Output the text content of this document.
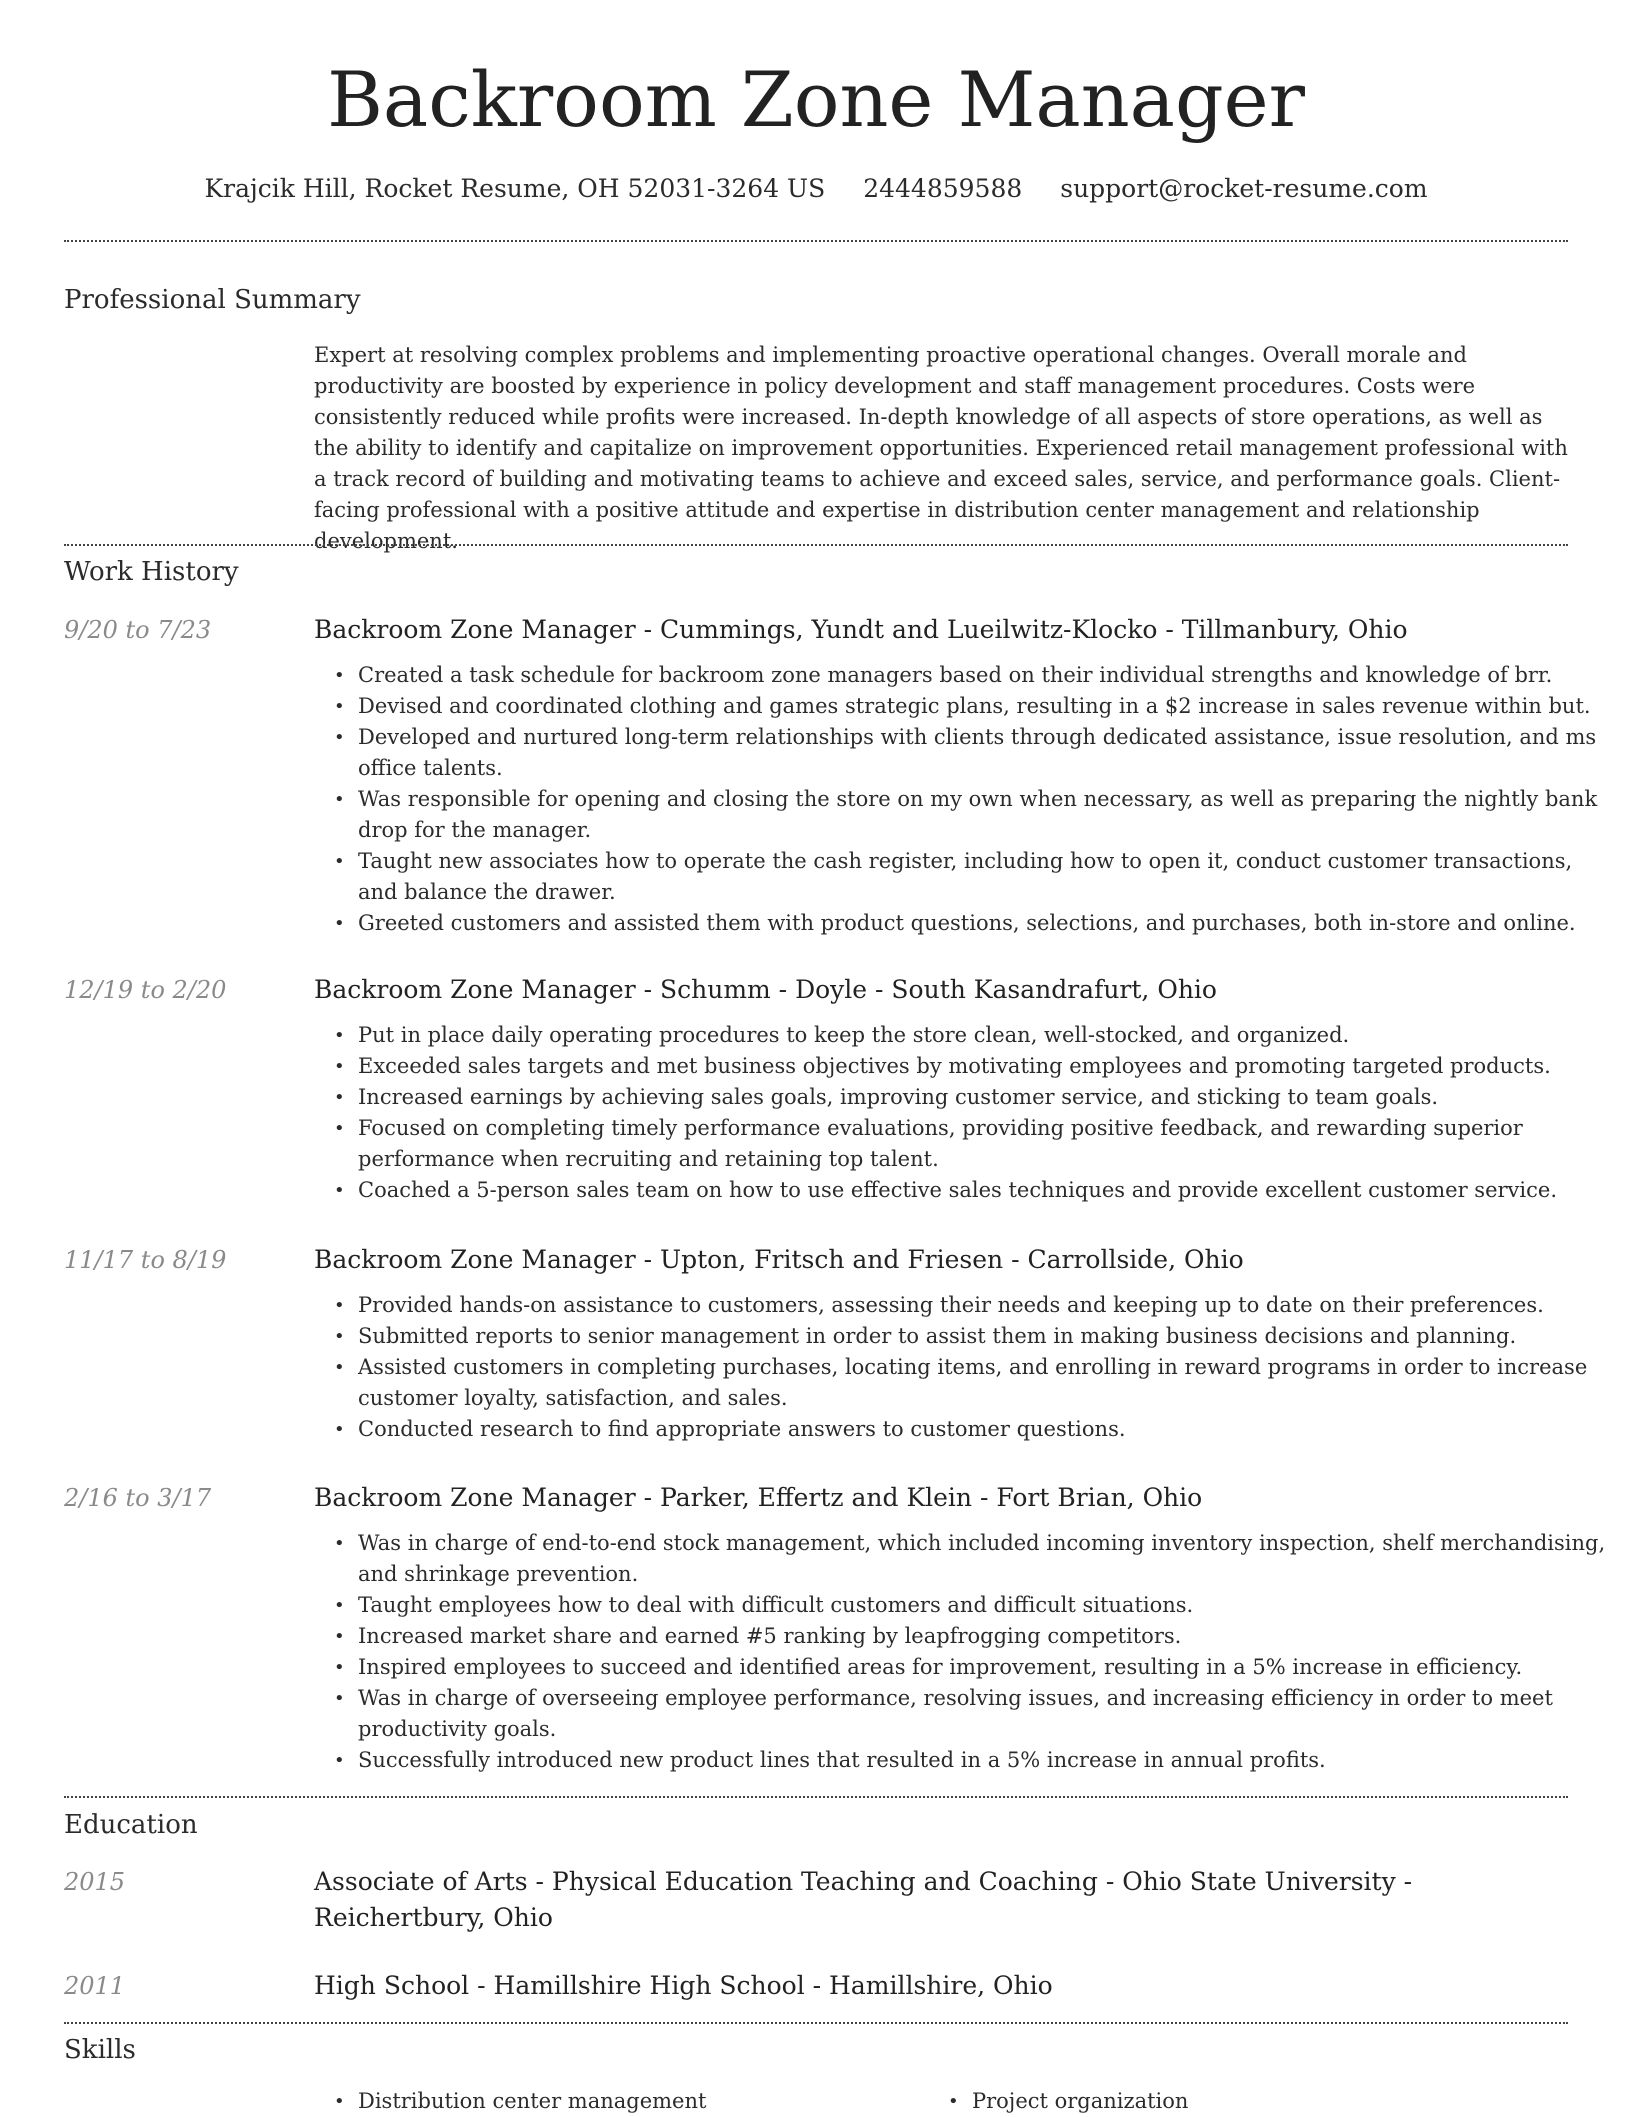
Backroom Zone Manager
Krajcik Hill, Rocket Resume, OH 52031-3264 US 2444859588 support@rocket-resume.com
Professional Summary

Expert at resolving complex problems and implementing proactive operational changes. Overall morale and productivity are boosted by experience in policy development and staff management procedures. Costs were consistently reduced while profits were increased. In-depth knowledge of all aspects of store operations, as well as the ability to identify and capitalize on improvement opportunities. Experienced retail management professional with a track record of building and motivating teams to achieve and exceed sales, service, and performance goals. Client-facing professional with a positive attitude and expertise in distribution center management and relationship development.

Work History
9/20 to 7/23	Backroom Zone Manager - Cummings, Yundt and Lueilwitz-Klocko - Tillmanbury, Ohio
• Created a task schedule for backroom zone managers based on their individual strengths and knowledge of brr.
• Devised and coordinated clothing and games strategic plans, resulting in a $2 increase in sales revenue within but.
• Developed and nurtured long-term relationships with clients through dedicated assistance, issue resolution, and ms office talents.
• Was responsible for opening and closing the store on my own when necessary, as well as preparing the nightly bank drop for the manager.
• Taught new associates how to operate the cash register, including how to open it, conduct customer transactions, and balance the drawer.
• Greeted customers and assisted them with product questions, selections, and purchases, both in-store and online.
12/19 to 2/20	Backroom Zone Manager - Schumm - Doyle - South Kasandrafurt, Ohio
• Put in place daily operating procedures to keep the store clean, well-stocked, and organized.
• Exceeded sales targets and met business objectives by motivating employees and promoting targeted products.
• Increased earnings by achieving sales goals, improving customer service, and sticking to team goals.
• Focused on completing timely performance evaluations, providing positive feedback, and rewarding superior performance when recruiting and retaining top talent.
• Coached a 5-person sales team on how to use effective sales techniques and provide excellent customer service.
11/17 to 8/19	Backroom Zone Manager - Upton, Fritsch and Friesen - Carrollside, Ohio
• Provided hands-on assistance to customers, assessing their needs and keeping up to date on their preferences.
• Submitted reports to senior management in order to assist them in making business decisions and planning.
• Assisted customers in completing purchases, locating items, and enrolling in reward programs in order to increase customer loyalty, satisfaction, and sales.
• Conducted research to find appropriate answers to customer questions.
2/16 to 3/17	Backroom Zone Manager - Parker, Effertz and Klein - Fort Brian, Ohio
• Was in charge of end-to-end stock management, which included incoming inventory inspection, shelf merchandising, and shrinkage prevention.
• Taught employees how to deal with difficult customers and difficult situations.
• Increased market share and earned #5 ranking by leapfrogging competitors.
• Inspired employees to succeed and identified areas for improvement, resulting in a 5% increase in efficiency.
• Was in charge of overseeing employee performance, resolving issues, and increasing efficiency in order to meet productivity goals.
• Successfully introduced new product lines that resulted in a 5% increase in annual profits.
Education
2015	Associate of Arts - Physical Education Teaching and Coaching - Ohio State University - Reichertbury, Ohio
2011	High School - Hamillshire High School - Hamillshire, Ohio
Skills
• Distribution center management
•	Project organization
